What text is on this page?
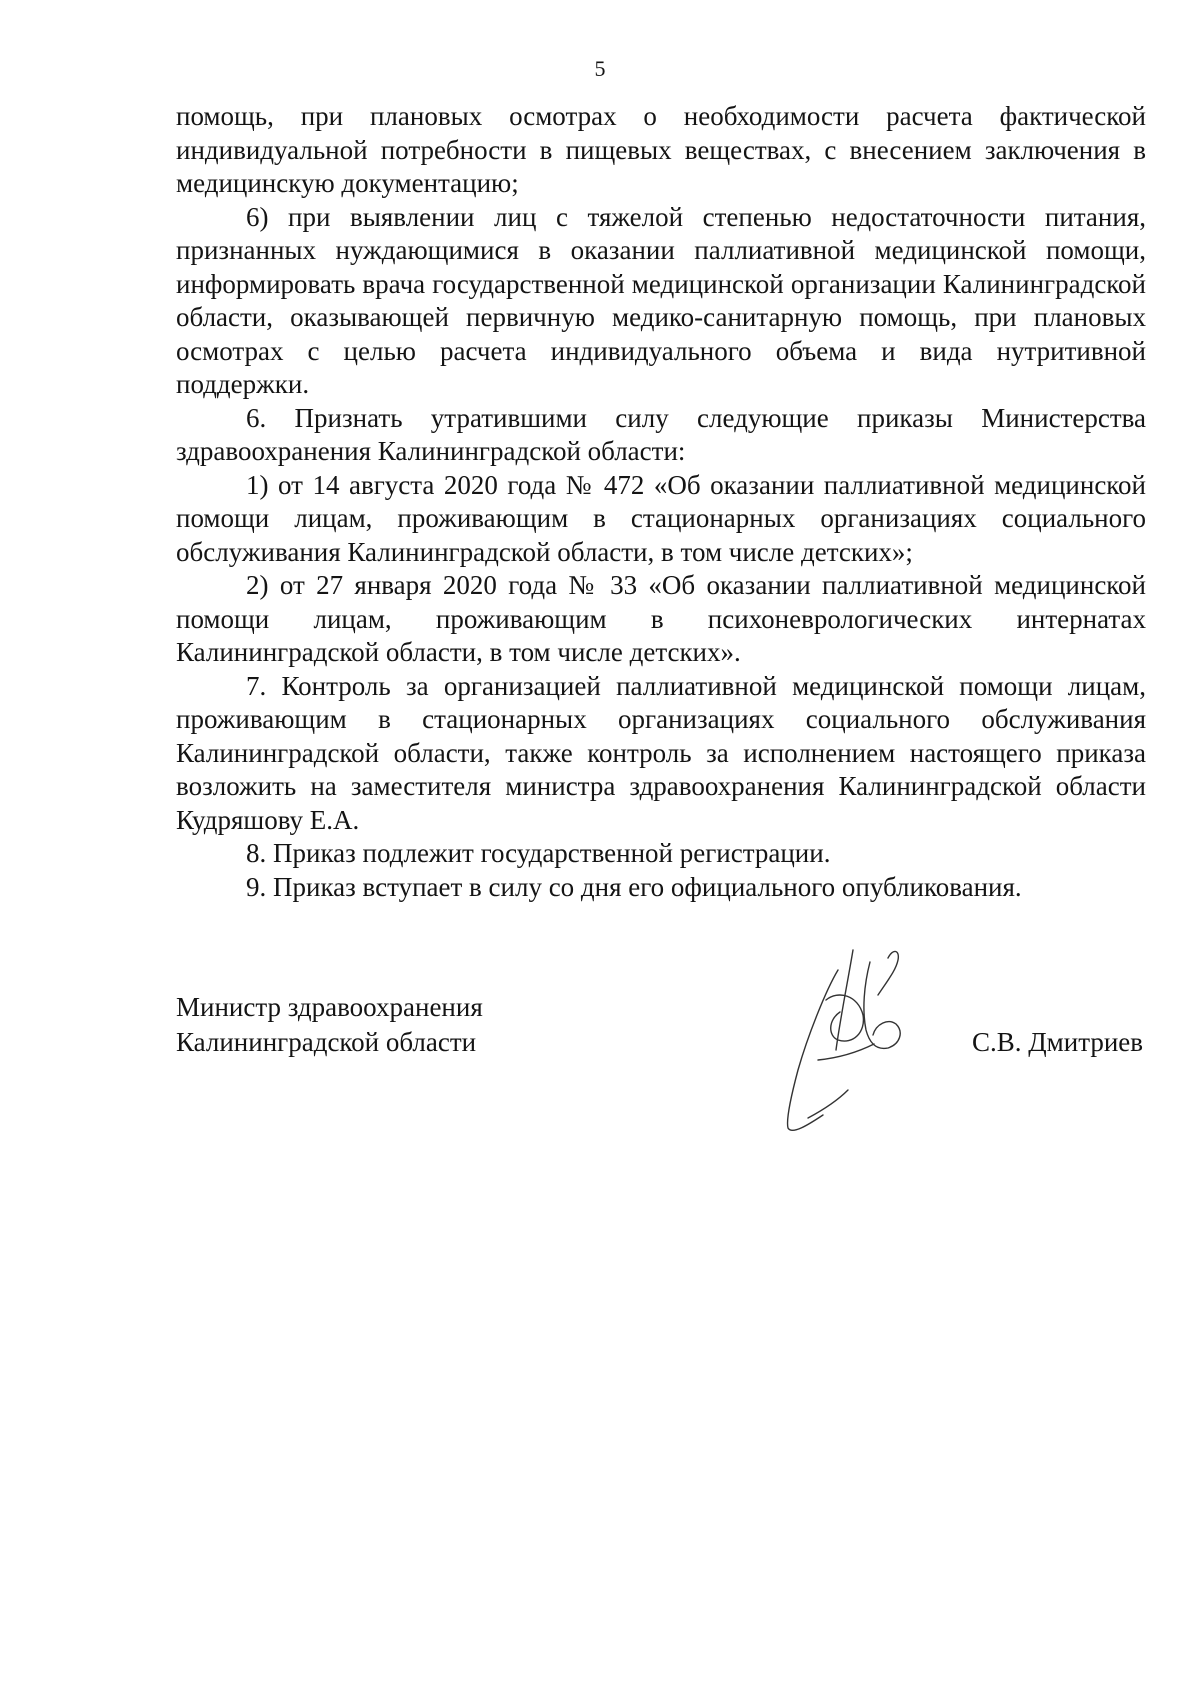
5

помощь, при плановых осмотрах о необходимости расчета фактической индивидуальной потребности в пищевых веществах, с внесением заключения в медицинскую документацию;

6) при выявлении лиц с тяжелой степенью недостаточности питания, признанных нуждающимися в оказании паллиативной медицинской помощи, информировать врача государственной медицинской организации Калининградской области, оказывающей первичную медико-санитарную помощь, при плановых осмотрах с целью расчета индивидуального объема и вида нутритивной поддержки.

6. Признать утратившими силу следующие приказы Министерства здравоохранения Калининградской области:

1) от 14 августа 2020 года № 472 «Об оказании паллиативной медицинской помощи лицам, проживающим в стационарных организациях социального обслуживания Калининградской области, в том числе детских»;

2) от 27 января 2020 года № 33 «Об оказании паллиативной медицинской помощи лицам, проживающим в психоневрологических интернатах Калининградской области, в том числе детских».

7. Контроль за организацией паллиативной медицинской помощи лицам, проживающим в стационарных организациях социального обслуживания Калининградской области, также контроль за исполнением настоящего приказа возложить на заместителя министра здравоохранения Калининградской области Кудряшову Е.А.

8. Приказ подлежит государственной регистрации.

9. Приказ вступает в силу со дня его официального опубликования.

Министр здравоохранения
Калининградской области	С.В. Дмитриев
